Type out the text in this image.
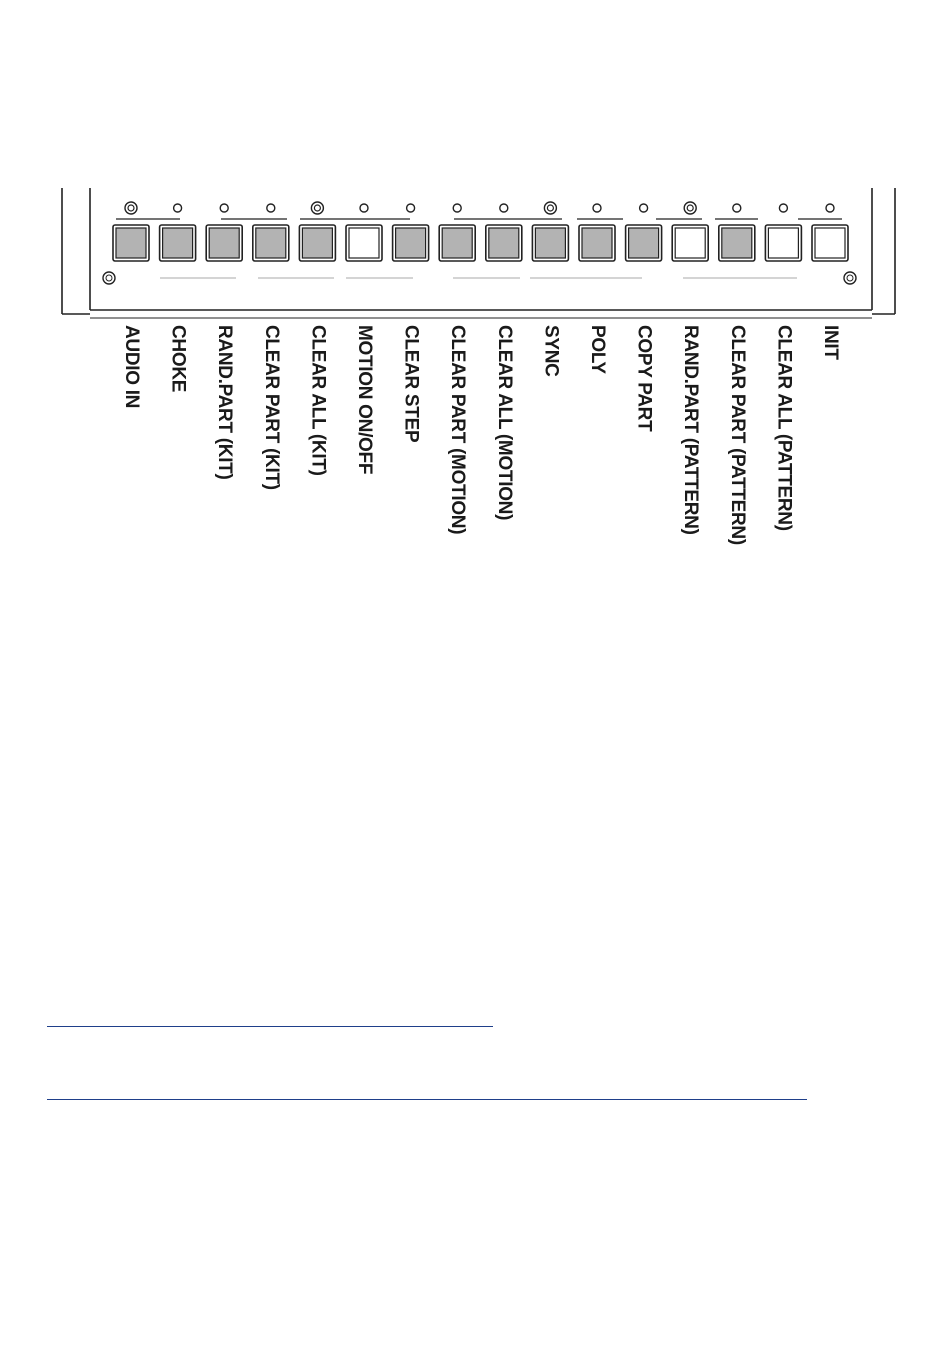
AUDIO IN CHOKE RAND.PART (KIT) CLEAR PART (KIT) CLEAR ALL (KIT) MOTION ON/OFF CLEAR STEP CLEAR PART (MOTION) CLEAR ALL (MOTION) SYNC POLY COPY PART RAND.PART (PATTERN) CLEAR PART (PATTERN) CLEAR ALL (PATTERN) INIT
